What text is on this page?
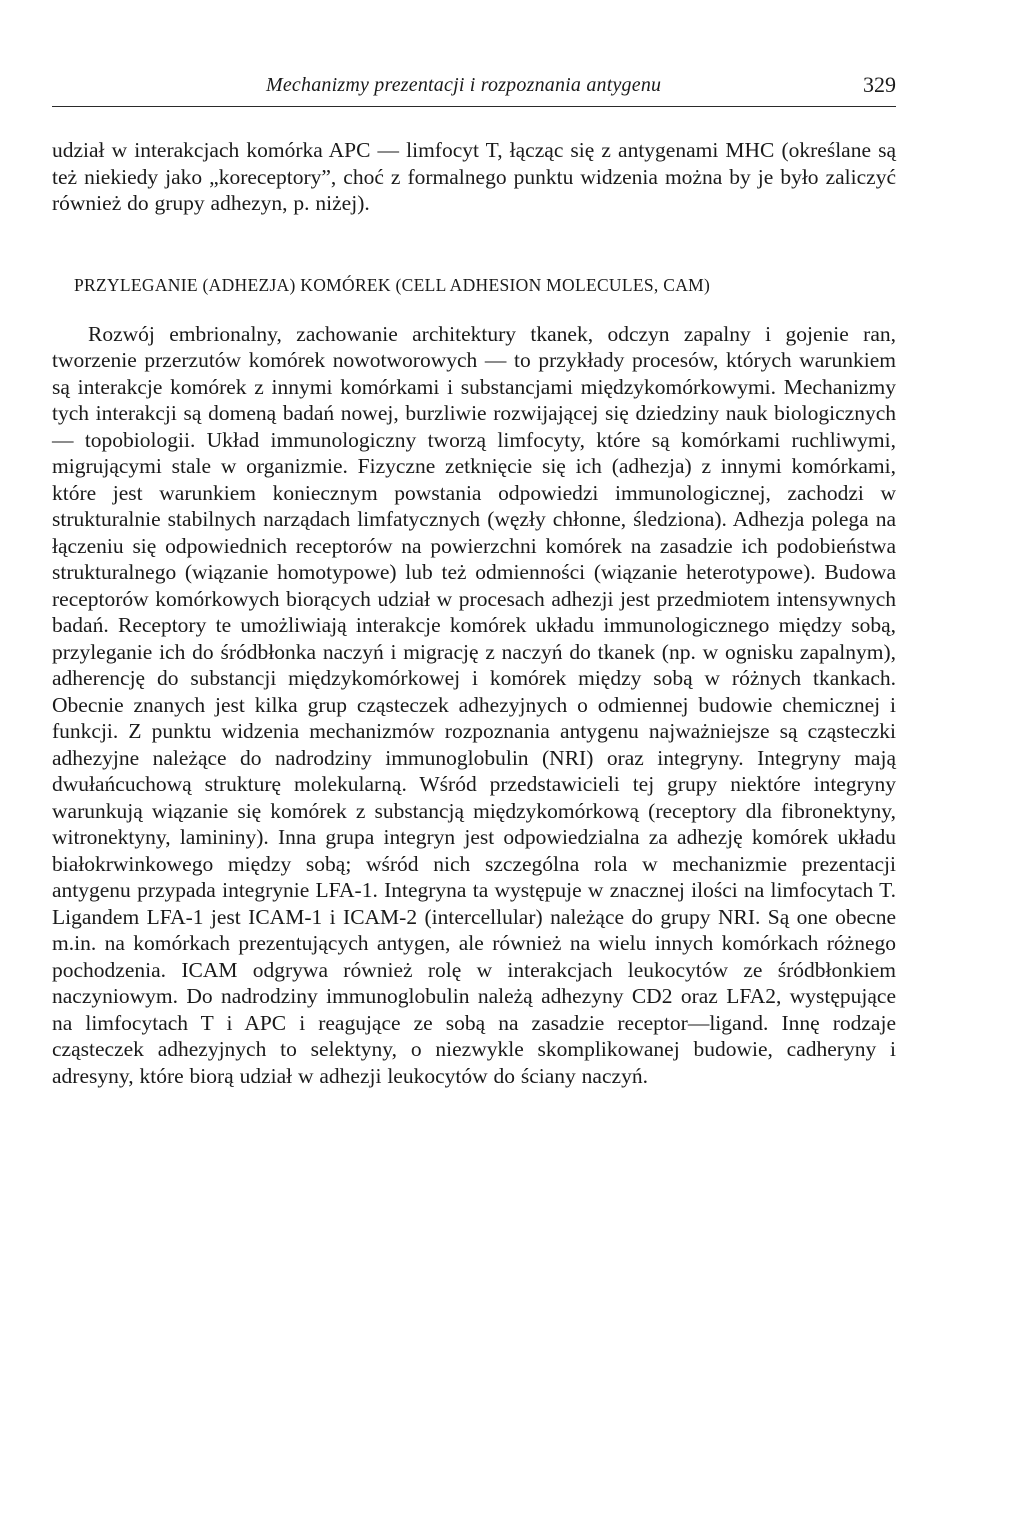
Mechanizmy prezentacji i rozpoznania antygenu	329

udział w interakcjach komórka APC — limfocyt T, łącząc się z antygenami MHC (określane są też niekiedy jako „koreceptory”, choć z formalnego punktu widzenia można by je było zaliczyć również do grupy adhezyn, p. niżej).

PRZYLEGANIE (ADHEZJA) KOMÓREK (CELL ADHESION MOLECULES, CAM)

Rozwój embrionalny, zachowanie architektury tkanek, odczyn zapalny i gojenie ran, tworzenie przerzutów komórek nowotworowych — to przykłady procesów, których warunkiem są interakcje komórek z innymi komórkami i substancjami międzykomórkowymi. Mechanizmy tych interakcji są domeną badań nowej, burzliwie rozwijającej się dziedziny nauk biologicznych — topobiologii. Układ immunologiczny tworzą limfocyty, które są komórkami ruchliwymi, migrującymi stale w organizmie. Fizyczne zetknięcie się ich (adhezja) z innymi komórkami, które jest warunkiem koniecznym powstania odpowiedzi immunologicznej, zachodzi w strukturalnie stabilnych narządach limfatycznych (węzły chłonne, śledziona). Adhezja polega na łączeniu się odpowiednich receptorów na powierzchni komórek na zasadzie ich podobieństwa strukturalnego (wiązanie homotypowe) lub też odmienności (wiązanie heterotypowe). Budowa receptorów komórkowych biorących udział w procesach adhezji jest przedmiotem intensywnych badań. Receptory te umożliwiają interakcje komórek układu immunologicznego między sobą, przyleganie ich do śródbłonka naczyń i migrację z naczyń do tkanek (np. w ognisku zapalnym), adherencję do substancji międzykomórkowej i komórek między sobą w różnych tkankach. Obecnie znanych jest kilka grup cząsteczek adhezyjnych o odmiennej budowie chemicznej i funkcji. Z punktu widzenia mechanizmów rozpoznania antygenu najważniejsze są cząsteczki adhezyjne należące do nadrodziny immunoglobulin (NRI) oraz integryny. Integryny mają dwułańcuchową strukturę molekularną. Wśród przedstawicieli tej grupy niektóre integryny warunkują wiązanie się komórek z substancją międzykomórkową (receptory dla fibronektyny, witronektyny, lamininy). Inna grupa integryn jest odpowiedzialna za adhezję komórek układu białokrwinkowego między sobą; wśród nich szczególna rola w mechanizmie prezentacji antygenu przypada integrynie LFA-1. Integryna ta występuje w znacznej ilości na limfocytach T. Ligandem LFA-1 jest ICAM-1 i ICAM-2 (intercellular) należące do grupy NRI. Są one obecne m.in. na komórkach prezentujących antygen, ale również na wielu innych komórkach różnego pochodzenia. ICAM odgrywa również rolę w interakcjach leukocytów ze śródbłonkiem naczyniowym. Do nadrodziny immunoglobulin należą adhezyny CD2 oraz LFA2, występujące na limfocytach T i APC i reagujące ze sobą na zasadzie receptor—ligand. Innę rodzaje cząsteczek adhezyjnych to selektyny, o niezwykle skomplikowanej budowie, cadheryny i adresyny, które biorą udział w adhezji leukocytów do ściany naczyń.
